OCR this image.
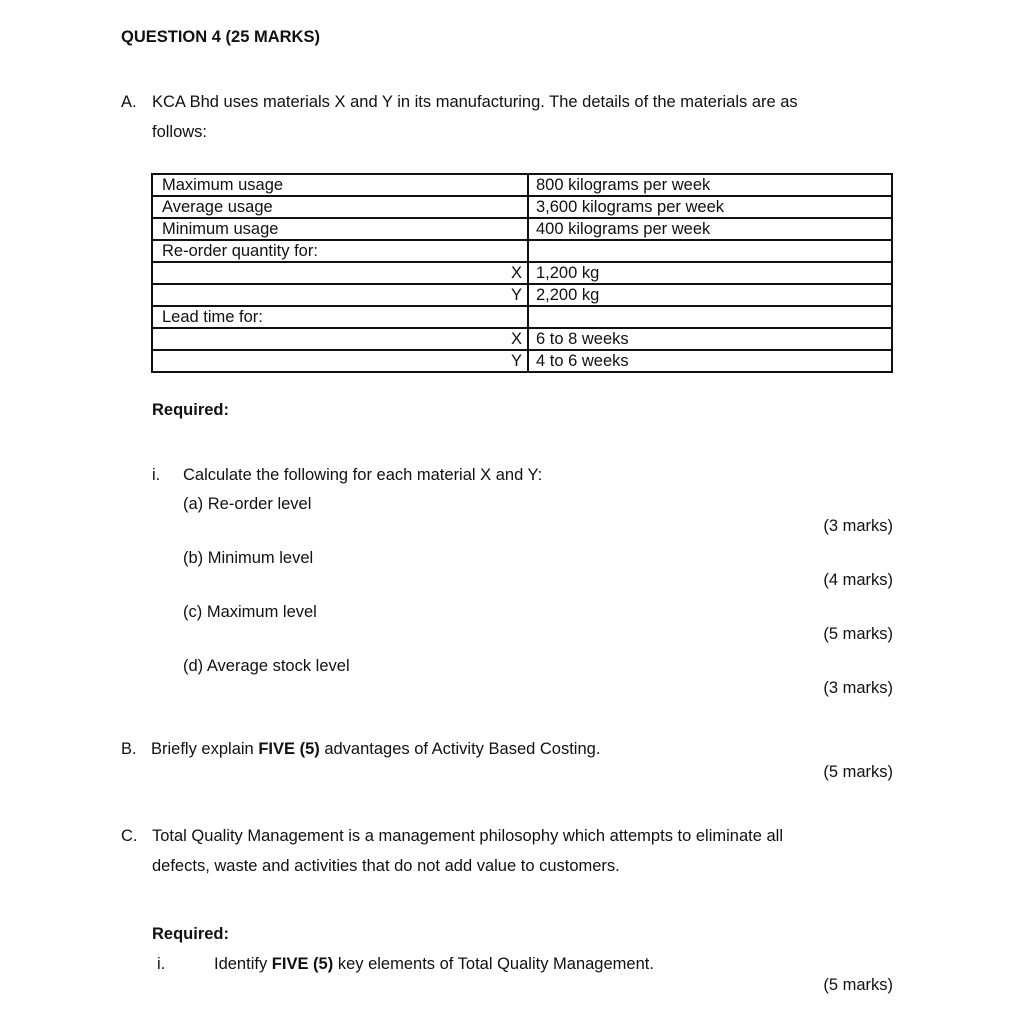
QUESTION 4 (25 MARKS)
A. KCA Bhd uses materials X and Y in its manufacturing. The details of the materials are as
follows:
Maximum usage	800 kilograms per week
Average usage	3,600 kilograms per week
Minimum usage	400 kilograms per week
Re-order quantity for:	
X	1,200 kg
Y	2,200 kg
Lead time for:	
X	6 to 8 weeks
Y	4 to 6 weeks
Required:
i. Calculate the following for each material X and Y:
(a) Re-order level
(3 marks)
(b) Minimum level
(4 marks)
(c) Maximum level
(5 marks)
(d) Average stock level
(3 marks)
B. Briefly explain FIVE (5) advantages of Activity Based Costing.
(5 marks)
C. Total Quality Management is a management philosophy which attempts to eliminate all
defects, waste and activities that do not add value to customers.
Required:
i.	Identify FIVE (5) key elements of Total Quality Management.
(5 marks)
